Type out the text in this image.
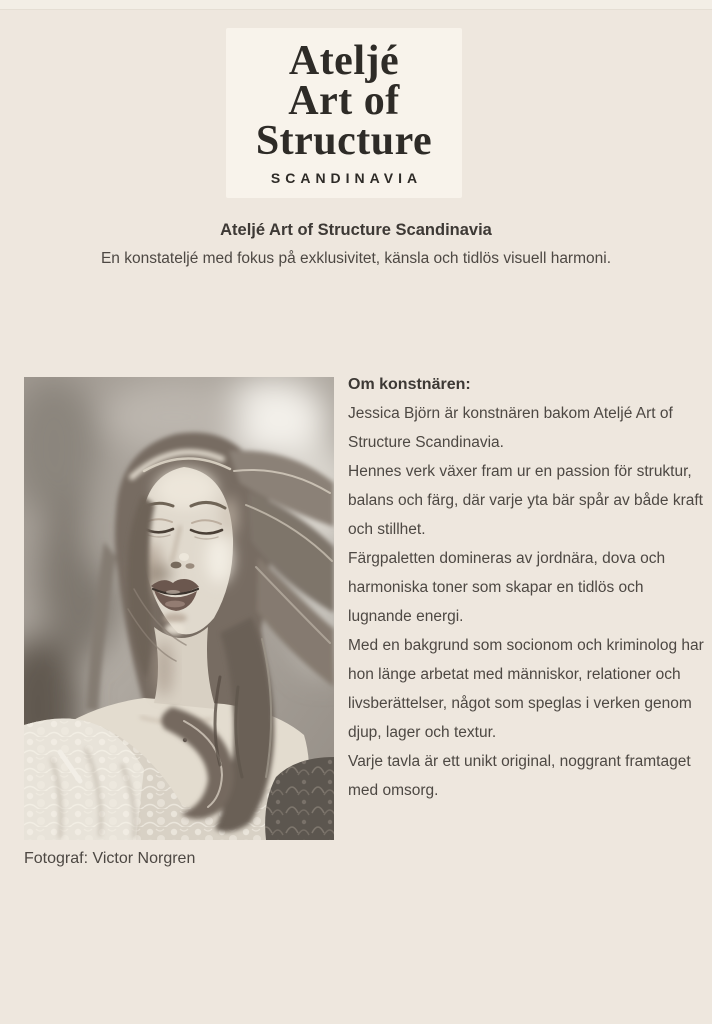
Ateljé
Art of
Structure
SCANDINAVIA
Ateljé Art of Structure Scandinavia

En konstateljé med fokus på exklusivitet, känsla och tidlös visuell harmoni.

Om konstnären:

Jessica Björn är konstnären bakom Ateljé Art of Structure Scandinavia.

Hennes verk växer fram ur en passion för struktur, balans och färg, där varje yta bär spår av både kraft och stillhet.

Färgpaletten domineras av jordnära, dova och harmoniska toner som skapar en tidlös och lugnande energi.

Med en bakgrund som socionom och kriminolog har hon länge arbetat med människor, relationer och livsberättelser, något som speglas i verken genom djup, lager och textur.

Varje tavla är ett unikt original, noggrant framtaget med omsorg.

Fotograf: Victor Norgren
